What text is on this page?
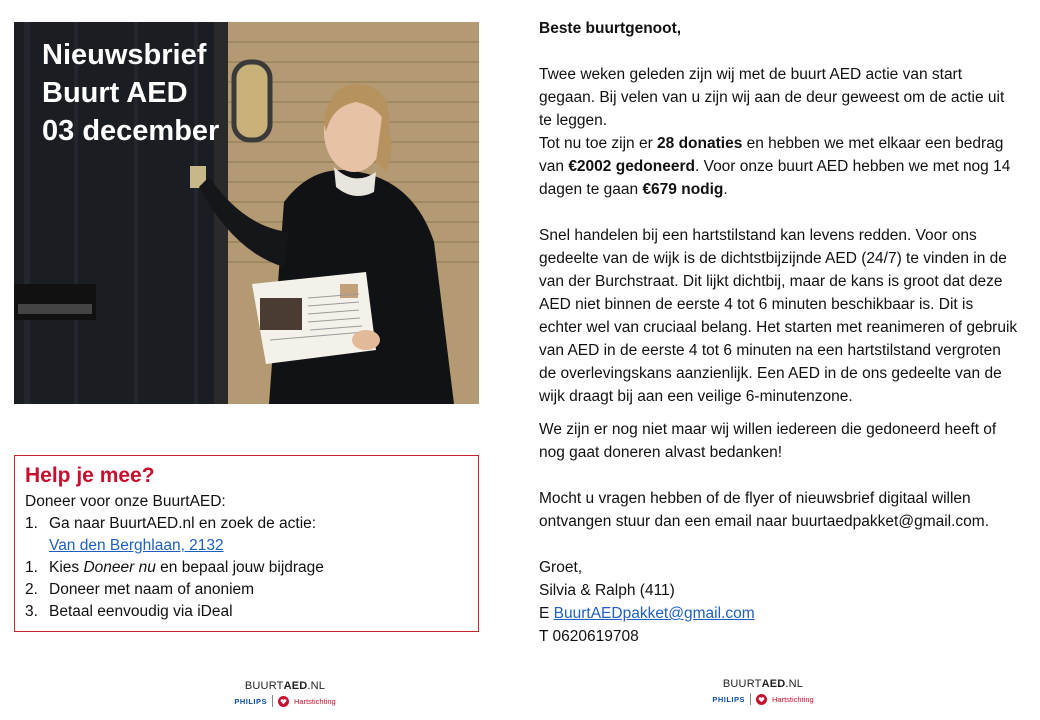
Nieuwsbrief
Buurt AED
03 december
Help je mee?
Doneer voor onze BuurtAED:
1. Ga naar BuurtAED.nl en zoek de actie:
Van den Berghlaan, 2132
1. Kies Doneer nu en bepaal jouw bijdrage
2. Doneer met naam of anoniem
3. Betaal eenvoudig via iDeal

Beste buurtgenoot,

Twee weken geleden zijn wij met de buurt AED actie van start gegaan. Bij velen van u zijn wij aan de deur geweest om de actie uit te leggen.

Tot nu toe zijn er 28 donaties en hebben we met elkaar een bedrag van €2002 gedoneerd. Voor onze buurt AED hebben we met nog 14 dagen te gaan €679 nodig.

Snel handelen bij een hartstilstand kan levens redden. Voor ons gedeelte van de wijk is de dichtstbijzijnde AED (24/7) te vinden in de van der Burchstraat. Dit lijkt dichtbij, maar de kans is groot dat deze AED niet binnen de eerste 4 tot 6 minuten beschikbaar is. Dit is echter wel van cruciaal belang. Het starten met reanimeren of gebruik van AED in de eerste 4 tot 6 minuten na een hartstilstand vergroten de overlevingskans aanzienlijk. Een AED in de ons gedeelte van de wijk draagt bij aan een veilige 6-minutenzone.

We zijn er nog niet maar wij willen iedereen die gedoneerd heeft of nog gaat doneren alvast bedanken!

Mocht u vragen hebben of de flyer of nieuwsbrief digitaal willen ontvangen stuur dan een email naar buurtaedpakket@gmail.com.

Groet,

Silvia & Ralph (411)

E BuurtAEDpakket@gmail.com

T 0620619708

BUURTAED.NL
PHILIPS	Hartstichting
BUURTAED.NL
PHILIPS	Hartstichting
